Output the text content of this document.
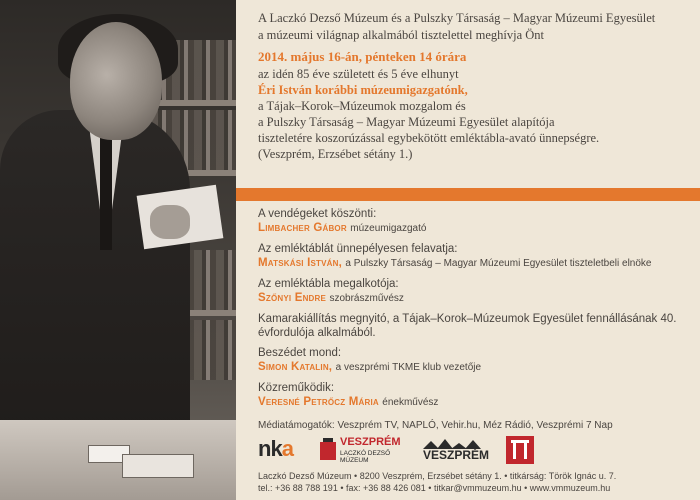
A Laczkó Dezső Múzeum és a Pulszky Társaság – Magyar Múzeumi Egyesület
a múzeumi világnap alkalmából tisztelettel meghívja Önt
2014. május 16-án, pénteken 14 órára
az idén 85 éve született és 5 éve elhunyt
Éri István korábbi múzeumigazgatónk,
a Tájak–Korok–Múzeumok mozgalom és
a Pulszky Társaság – Magyar Múzeumi Egyesület alapítója
tiszteletére koszorúzással egybekötött emléktábla-avató ünnepségre.
(Veszprém, Erzsébet sétány 1.)
A vendégeket köszönti:
Limbacher Gábor múzeumigazgató
Az emléktáblát ünnepélyesen felavatja:
Matskási István, a Pulszky Társaság – Magyar Múzeumi Egyesület tiszteletbeli elnöke
Az emléktábla megalkotója:
Szőnyi Endre szobrászművész
Kamarakiállítás megnyitó, a Tájak–Korok–Múzeumok Egyesület fennállásának 40. évfordulója alkalmából.
Beszédet mond:
Simon Katalin, a veszprémi TKME klub vezetője
Közreműködik:
Veresné Petrőcz Mária énekművész
Médiatámogatók: Veszprém TV, NAPLÓ, Vehir.hu, Méz Rádió, Veszprémi 7 Nap
nka	VESZPRÉM
LACZKÓ DEZSŐ MÚZEUM	VESZPRÉM
Laczkó Dezső Múzeum • 8200 Veszprém, Erzsébet sétány 1. • titkárság: Török Ignác u. 7.
tel.: +36 88 788 191 • fax: +36 88 426 081 • titkar@vmmuzeum.hu • www.vmmuzeum.hu
